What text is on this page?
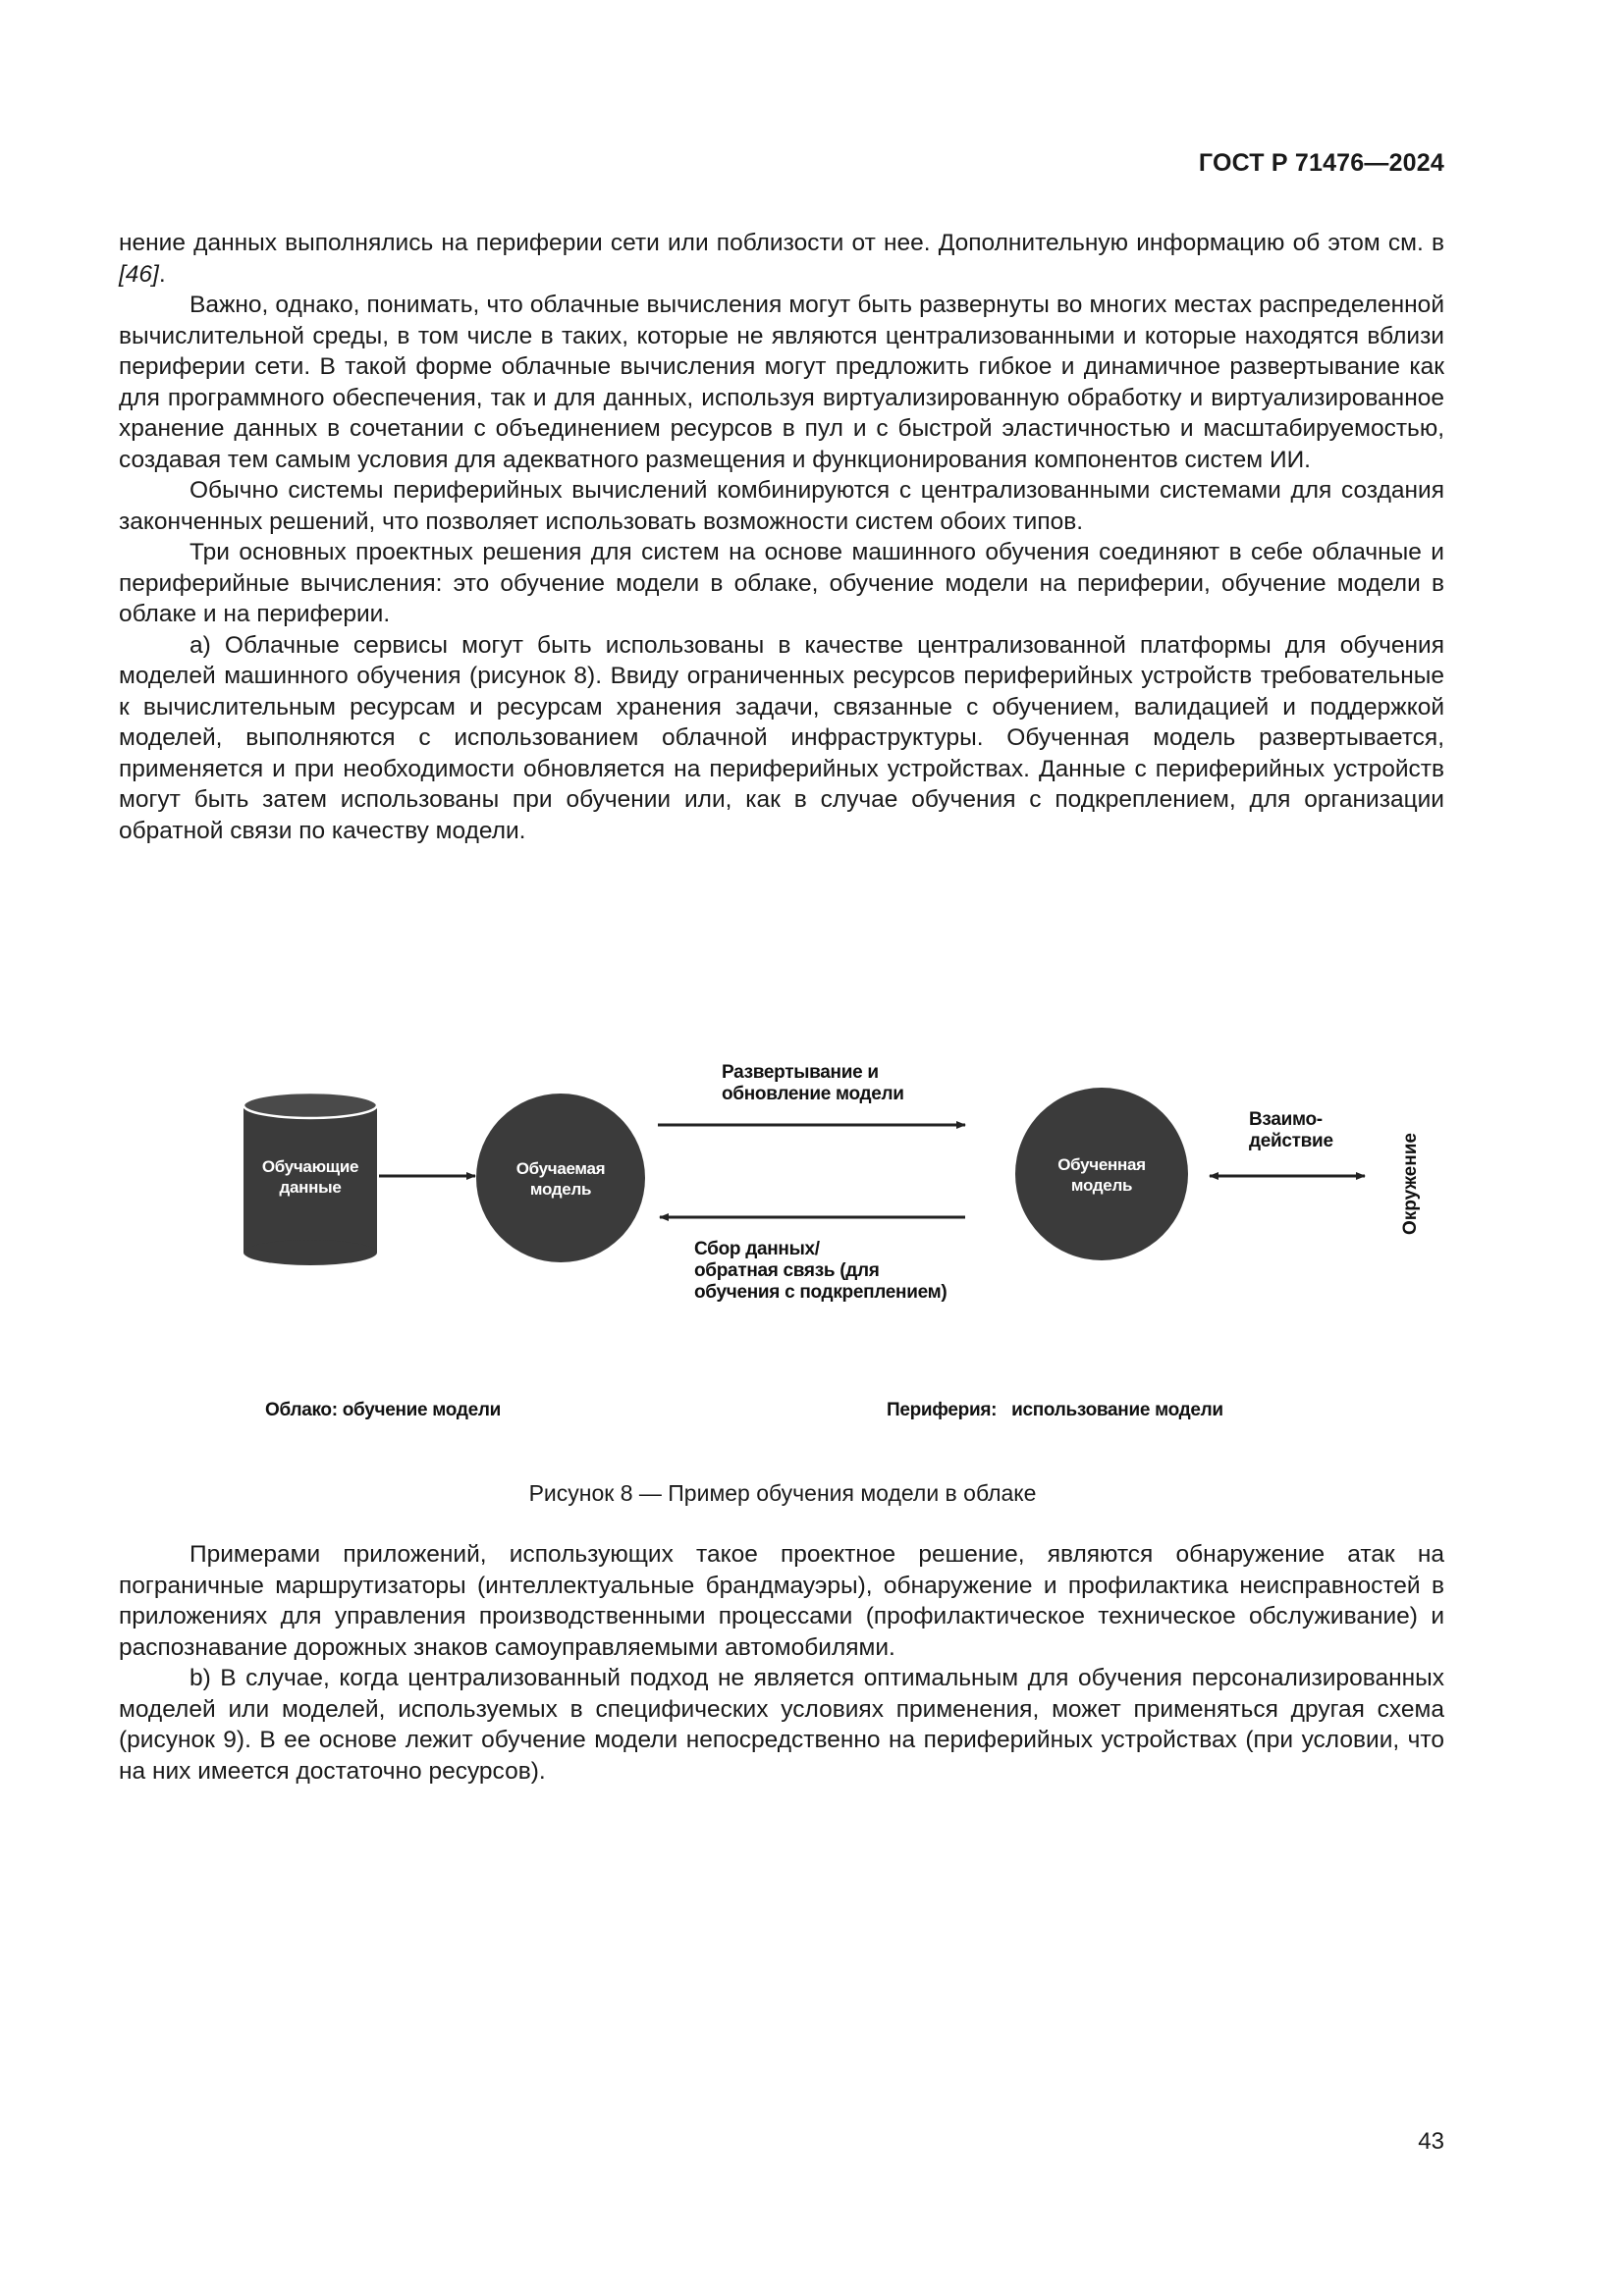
ГОСТ Р 71476—2024

нение данных выполнялись на периферии сети или поблизости от нее. Дополнительную информацию об этом см. в [46].

Важно, однако, понимать, что облачные вычисления могут быть развернуты во многих местах распределенной вычислительной среды, в том числе в таких, которые не являются централизованными и которые находятся вблизи периферии сети. В такой форме облачные вычисления могут предложить гибкое и динамичное развертывание как для программного обеспечения, так и для данных, используя виртуализированную обработку и виртуализированное хранение данных в сочетании с объединением ресурсов в пул и с быстрой эластичностью и масштабируемостью, создавая тем самым условия для адекватного размещения и функционирования компонентов систем ИИ.

Обычно системы периферийных вычислений комбинируются с централизованными системами для создания законченных решений, что позволяет использовать возможности систем обоих типов.

Три основных проектных решения для систем на основе машинного обучения соединяют в себе облачные и периферийные вычисления: это обучение модели в облаке, обучение модели на периферии, обучение модели в облаке и на периферии.

а) Облачные сервисы могут быть использованы в качестве централизованной платформы для обучения моделей машинного обучения (рисунок 8). Ввиду ограниченных ресурсов периферийных устройств требовательные к вычислительным ресурсам и ресурсам хранения задачи, связанные с обучением, валидацией и поддержкой моделей, выполняются с использованием облачной инфраструктуры. Обученная модель развертывается, применяется и при необходимости обновляется на периферийных устройствах. Данные с периферийных устройств могут быть затем использованы при обучении или, как в случае обучения с подкреплением, для организации обратной связи по качеству модели.

Обучающие данные
Обучаемая модель
Обученная модель
Развертывание и
обновление модели
Сбор данных/
обратная связь (для
обучения с подкреплением)
Взаимо-
действие	Окружение
Облако: обучение модели	Периферия:   использование модели
Рисунок 8 — Пример обучения модели в облаке

Примерами приложений, использующих такое проектное решение, являются обнаружение атак на пограничные маршрутизаторы (интеллектуальные брандмауэры), обнаружение и профилактика неисправностей в приложениях для управления производственными процессами (профилактическое техническое обслуживание) и распознавание дорожных знаков самоуправляемыми автомобилями.

b) В случае, когда централизованный подход не является оптимальным для обучения персонализированных моделей или моделей, используемых в специфических условиях применения, может применяться другая схема (рисунок 9). В ее основе лежит обучение модели непосредственно на периферийных устройствах (при условии, что на них имеется достаточно ресурсов).

43
